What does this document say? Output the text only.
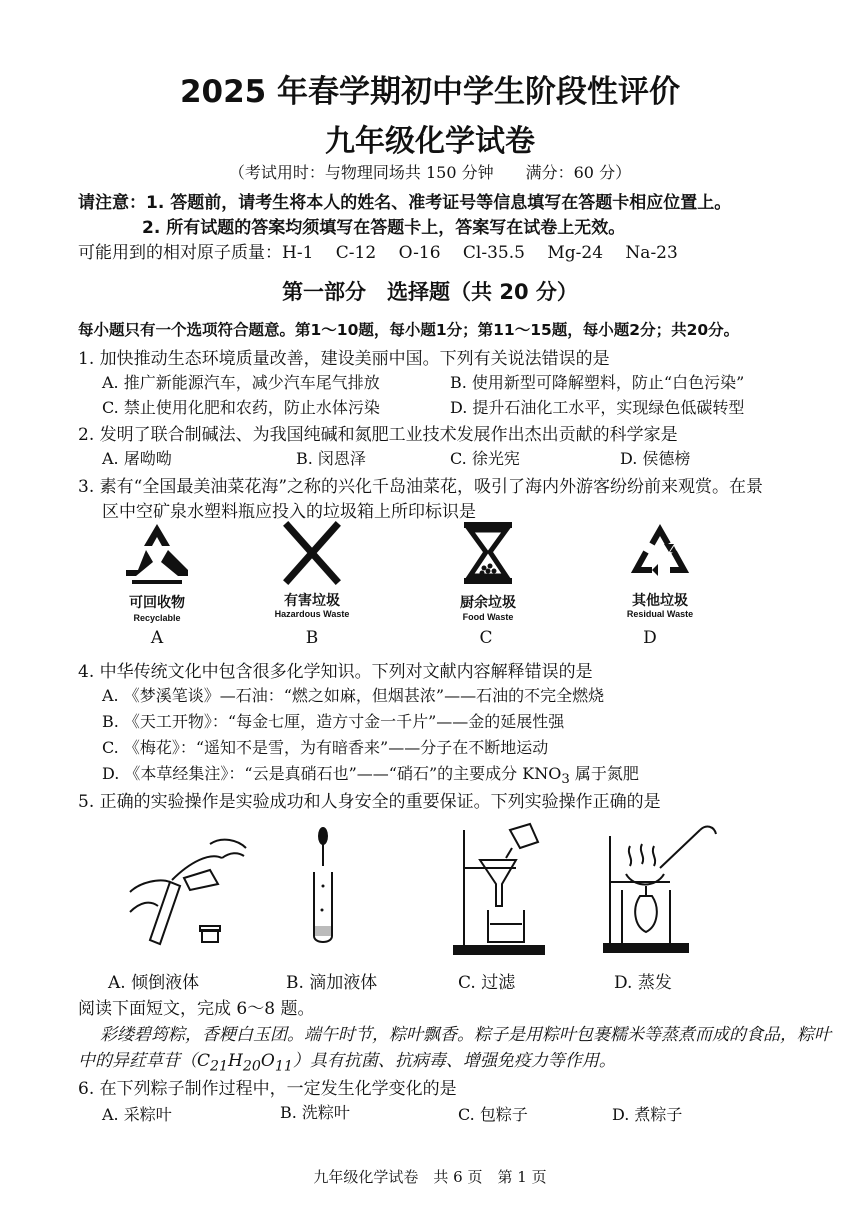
2025 年春学期初中学生阶段性评价
九年级化学试卷
（考试用时：与物理同场共 150 分钟　　满分：60 分）
请注意：1. 答题前，请考生将本人的姓名、准考证号等信息填写在答题卡相应位置上。
2. 所有试题的答案均须填写在答题卡上，答案写在试卷上无效。
可能用到的相对原子质量：H-1　 C-12　 O-16　 Cl-35.5　 Mg-24　 Na-23
第一部分　选择题（共 20 分）
每小题只有一个选项符合题意。第1～10题，每小题1分；第11～15题，每小题2分；共20分。
1. 加快推动生态环境质量改善，建设美丽中国。下列有关说法错误的是
A. 推广新能源汽车，减少汽车尾气排放	B. 使用新型可降解塑料，防止“白色污染”
C. 禁止使用化肥和农药，防止水体污染	D. 提升石油化工水平，实现绿色低碳转型
2. 发明了联合制碱法、为我国纯碱和氮肥工业技术发展作出杰出贡献的科学家是
A. 屠呦呦	B. 闵恩泽	C. 徐光宪	D. 侯德榜
3. 素有“全国最美油菜花海”之称的兴化千岛油菜花，吸引了海内外游客纷纷前来观赏。在景
区中空矿泉水塑料瓶应投入的垃圾箱上所印标识是
可回收物
Recyclable
A
有害垃圾
Hazardous Waste
B
厨余垃圾
Food Waste
C
其他垃圾
Residual Waste
D
4. 中华传统文化中包含很多化学知识。下列对文献内容解释错误的是
A. 《梦溪笔谈》—石油：“燃之如麻，但烟甚浓”——石油的不完全燃烧
B. 《天工开物》：“每金七厘，造方寸金一千片”——金的延展性强
C. 《梅花》：“遥知不是雪，为有暗香来”——分子在不断地运动
D. 《本草经集注》：“云是真硝石也”——“硝石”的主要成分 $KNO_3$ 属于氮肥
5. 正确的实验操作是实验成功和人身安全的重要保证。下列实验操作正确的是
A. 倾倒液体	B. 滴加液体	C. 过滤	D. 蒸发
阅读下面短文，完成 6～8 题。
彩缕碧筠粽，香粳白玉团。端午时节，粽叶飘香。粽子是用粽叶包裹糯米等蒸煮而成的食品，粽叶
中的异荭草苷$(C_{21}H_{20}O_{11})$具有抗菌、抗病毒、增强免疫力等作用。
6. 在下列粽子制作过程中，一定发生化学变化的是
A. 采粽叶	B. 洗粽叶	C. 包粽子	D. 煮粽子
九年级化学试卷　共 6 页　第 1 页
